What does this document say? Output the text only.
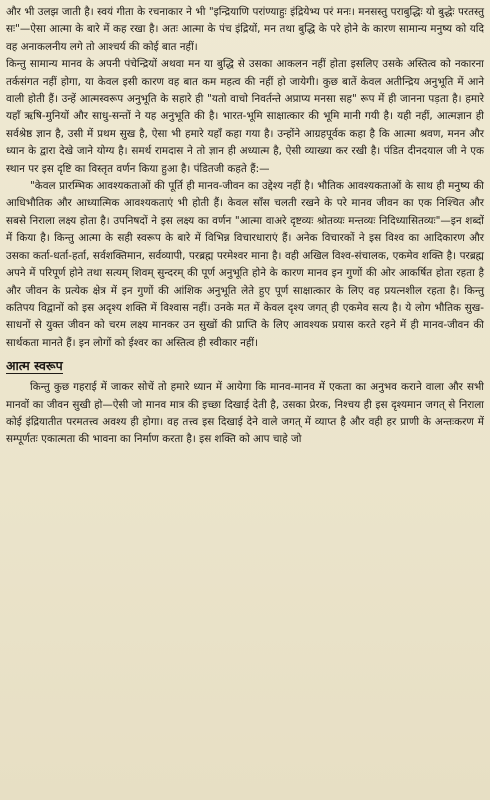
और भी उलझ जाती है। स्वयं गीता के रचनाकार ने भी "इन्द्रियाणि परांण्याहुः इंद्रियेभ्य परं मनः। मनसस्तु पराबुद्धिः यो बुद्धेः परतस्तु सः"—ऐसा आत्मा के बारे में कह रखा है। अतः आत्मा के पंच इंद्रियों, मन तथा बुद्धि के परे होने के कारण सामान्य मनुष्य को यदि वह अनाकलनीय लगे तो आश्चर्य की कोई बात नहीं।

किन्तु सामान्य मानव के अपनी पंचेन्द्रियों अथवा मन या बुद्धि से उसका आकलन नहीं होता इसलिए उसके अस्तित्व को नकारना तर्कसंगत नहीं होगा, या केवल इसी कारण वह बात कम महत्व की नहीं हो जायेगी। कुछ बातें केवल अतीन्द्रिय अनुभूति में आने वाली होती हैं। उन्हें आत्मस्वरूप अनुभूति के सहारे ही "यतो वाचो निवर्तन्ते अप्राप्य मनसा सह" रूप में ही जानना पड़ता है। हमारे यहाँ ऋषि-मुनियों और साधु-सन्तों ने यह अनुभूति की है। भारत-भूमि साक्षात्कार की भूमि मानी गयी है। यही नहीं, आत्मज्ञान ही सर्वश्रेष्ठ ज्ञान है, उसी में प्रथम सुख है, ऐसा भी हमारे यहाँ कहा गया है। उन्होंने आग्रहपूर्वक कहा है कि आत्मा श्रवण, मनन और ध्यान के द्वारा देखे जाने योग्य है। समर्थ रामदास ने तो ज्ञान ही अध्यात्म है, ऐसी व्याख्या कर रखी है। पंडित दीनदयाल जी ने एक स्थान पर इस दृष्टि का विस्तृत वर्णन किया हुआ है। पंडितजी कहते हैं:—

"केवल प्रारम्भिक आवश्यकताओं की पूर्ति ही मानव-जीवन का उद्देश्य नहीं है। भौतिक आवश्यकताओं के साथ ही मनुष्य की आधिभौतिक और आध्यात्मिक आवश्यकताएं भी होती हैं। केवल साँस चलती रखने के परे मानव जीवन का एक निश्चित और सबसे निराला लक्ष्य होता है। उपनिषदों ने इस लक्ष्य का वर्णन "आत्मा वाअरे दृष्टव्यः श्रोतव्यः मन्तव्यः निदिध्यासितव्यः"—इन शब्दों में किया है। किन्तु आत्मा के सही स्वरूप के बारे में विभिन्न विचारधाराएं हैं। अनेक विचारकों ने इस विश्व का आदिकारण और उसका कर्ता-धर्ता-हर्ता, सर्वशक्तिमान, सर्वव्यापी, परब्रह्म परमेश्वर माना है। वही अखिल विश्व-संचालक, एकमेव शक्ति है। परब्रह्म अपने में परिपूर्ण होने तथा सत्यम् शिवम् सुन्दरम् की पूर्ण अनुभूति होने के कारण मानव इन गुणों की ओर आकर्षित होता रहता है और जीवन के प्रत्येक क्षेत्र में इन गुणों की आंशिक अनुभूति लेते हुए पूर्ण साक्षात्कार के लिए वह प्रयत्नशील रहता है। किन्तु कतिपय विद्वानों को इस अदृश्य शक्ति में विश्वास नहीं। उनके मत में केवल दृश्य जगत् ही एकमेव सत्य है। ये लोग भौतिक सुख-साधनों से युक्त जीवन को चरम लक्ष्य मानकर उन सुखों की प्राप्ति के लिए आवश्यक प्रयास करते रहने में ही मानव-जीवन की सार्थकता मानते हैं। इन लोगों को ईश्वर का अस्तित्व ही स्वीकार नहीं।

आत्म स्वरूप

किन्तु कुछ गहराई में जाकर सोचें तो हमारे ध्यान में आयेगा कि मानव-मानव में एकता का अनुभव कराने वाला और सभी मानवों का जीवन सुखी हो—ऐसी जो मानव मात्र की इच्छा दिखाई देती है, उसका प्रेरक, निश्चय ही इस दृश्यमान जगत् से निराला कोई इंद्रियातीत परमतत्त्व अवश्य ही होगा। वह तत्त्व इस दिखाई देने वाले जगत् में व्याप्त है और वही हर प्राणी के अन्तःकरण में सम्पूर्णतः एकात्मता की भावना का निर्माण करता है। इस शक्ति को आप चाहे जो
